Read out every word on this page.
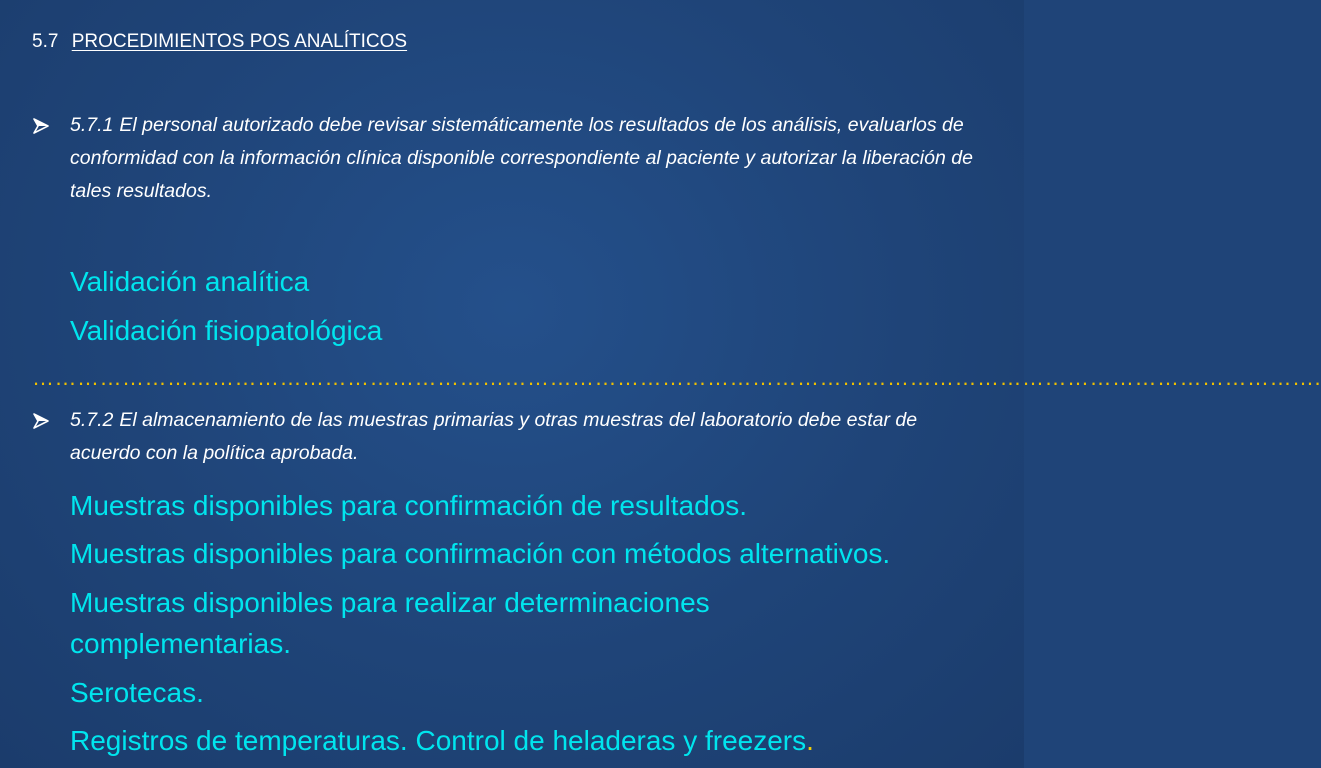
5.7 PROCEDIMIENTOS POS ANALÍTICOS
5.7.1 El personal autorizado debe revisar sistemáticamente los resultados de los análisis, evaluarlos de conformidad con la información clínica disponible correspondiente al paciente y autorizar la liberación de tales resultados.
Validación analítica
Validación fisiopatológica
……………………………………………………………………………………………………………………………………………………….
5.7.2 El almacenamiento de las muestras primarias y otras muestras del laboratorio debe estar de acuerdo con la política aprobada.
Muestras disponibles para confirmación de resultados.
Muestras disponibles para confirmación con métodos alternativos.
Muestras disponibles para realizar determinaciones
complementarias.
Serotecas.
Registros de temperaturas. Control de heladeras y freezers.
